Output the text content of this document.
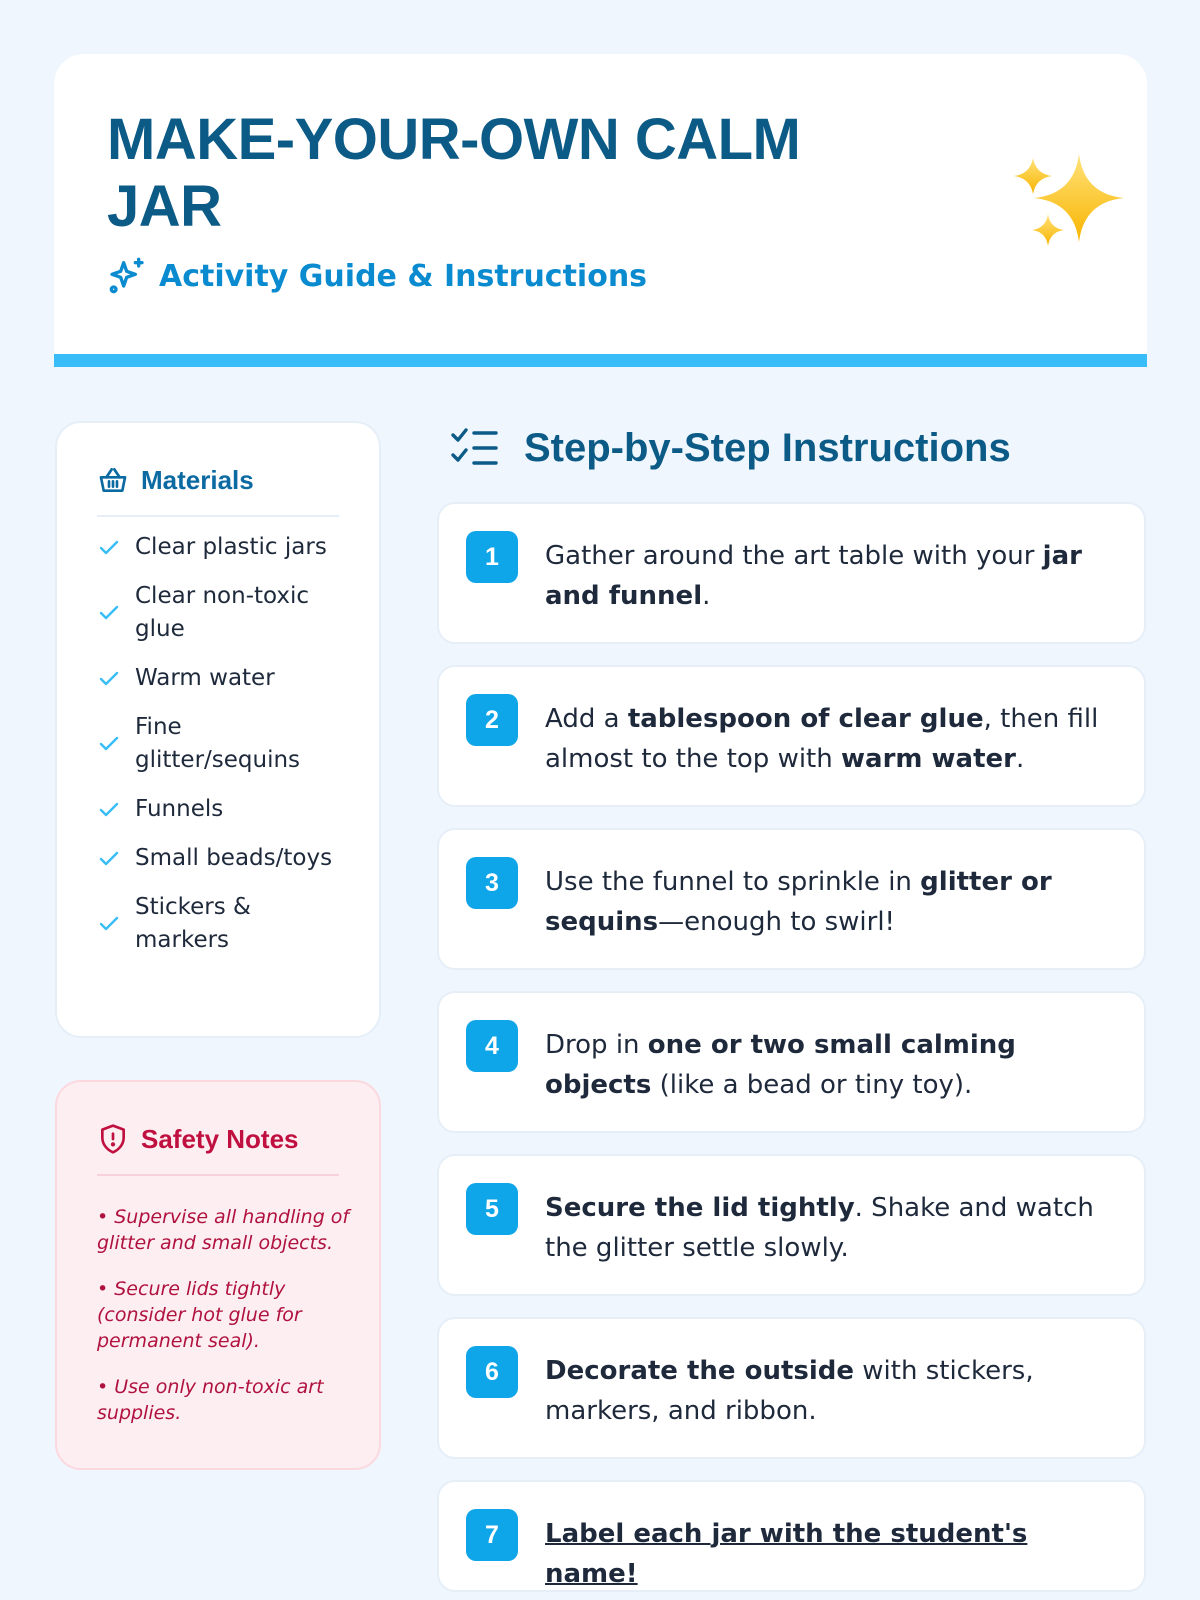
MAKE-YOUR-OWN CALM JAR
Activity Guide & Instructions
Materials
Clear plastic jars
Clear non-toxic glue
Warm water
Fine glitter/sequins
Funnels
Small beads/toys
Stickers & markers
Safety Notes

• Supervise all handling of glitter and small objects.

• Secure lids tightly (consider hot glue for permanent seal).

• Use only non-toxic art supplies.

Step-by-Step Instructions
1	Gather around the art table with your jar and funnel.
2	Add a tablespoon of clear glue, then fill almost to the top with warm water.
3	Use the funnel to sprinkle in glitter or sequins—enough to swirl!
4	Drop in one or two small calming objects (like a bead or tiny toy).
5	Secure the lid tightly. Shake and watch the glitter settle slowly.
6	Decorate the outside with stickers, markers, and ribbon.
7	Label each jar with the student's name!
